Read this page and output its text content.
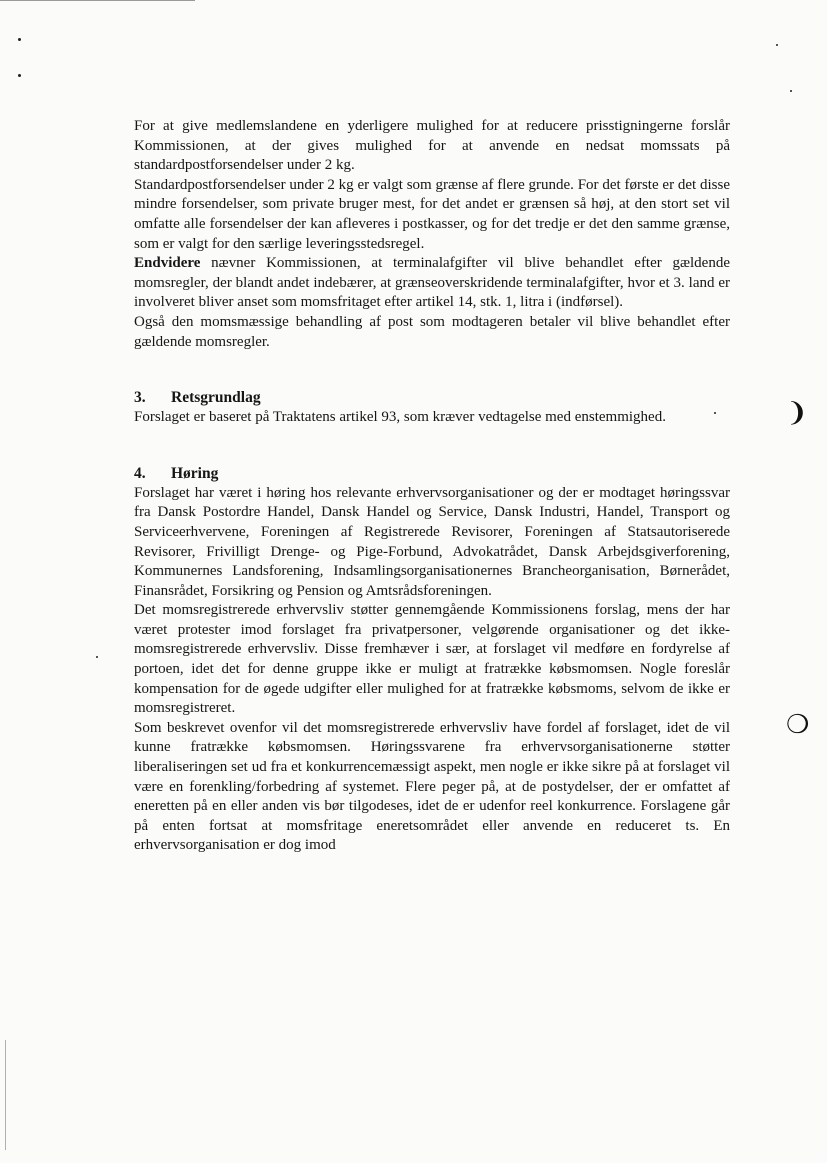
❩
❍

For at give medlemslandene en yderligere mulighed for at reducere prisstigningerne forslår Kommissionen, at der gives mulighed for at anvende en nedsat momssats på standardpostforsendelser under 2 kg.

Standardpostforsendelser under 2 kg er valgt som grænse af flere grunde. For det første er det disse mindre forsendelser, som private bruger mest, for det andet er grænsen så høj, at den stort set vil omfatte alle forsendelser der kan afleveres i postkasser, og for det tredje er det den samme grænse, som er valgt for den særlige leveringsstedsregel.

Endvidere nævner Kommissionen, at terminalafgifter vil blive behandlet efter gældende momsregler, der blandt andet indebærer, at grænseoverskridende terminalafgifter, hvor et 3. land er involveret bliver anset som momsfritaget efter artikel 14, stk. 1, litra i (indførsel).

Også den momsmæssige behandling af post som modtageren betaler vil blive behandlet efter gældende momsregler.

3. Retsgrundlag

Forslaget er baseret på Traktatens artikel 93, som kræver vedtagelse med enstemmighed.

4. Høring

Forslaget har været i høring hos relevante erhvervsorganisationer og der er modtaget høringssvar fra Dansk Postordre Handel, Dansk Handel og Service, Dansk Industri, Handel, Transport og Serviceerhvervene, Foreningen af Registrerede Revisorer, Foreningen af Statsautoriserede Revisorer, Frivilligt Drenge- og Pige-Forbund, Advokatrådet, Dansk Arbejdsgiverforening, Kommunernes Landsforening, Indsamlingsorganisationernes Brancheorganisation, Børnerådet, Finansrådet, Forsikring og Pension og Amtsrådsforeningen.

Det momsregistrerede erhvervsliv støtter gennemgående Kommissionens forslag, mens der har været protester imod forslaget fra privatpersoner, velgørende organisationer og det ikke-momsregistrerede erhvervsliv. Disse fremhæver i sær, at forslaget vil medføre en fordyrelse af portoen, idet det for denne gruppe ikke er muligt at fratrække købsmomsen. Nogle foreslår kompensation for de øgede udgifter eller mulighed for at fratrække købsmoms, selvom de ikke er momsregistreret.

Som beskrevet ovenfor vil det momsregistrerede erhvervsliv have fordel af forslaget, idet de vil kunne fratrække købsmomsen. Høringssvarene fra erhvervsorganisationerne støtter liberaliseringen set ud fra et konkurrencemæssigt aspekt, men nogle er ikke sikre på at forslaget vil være en forenkling/forbedring af systemet. Flere peger på, at de postydelser, der er omfattet af eneretten på en eller anden vis bør tilgodeses, idet de er udenfor reel konkurrence. Forslagene går på enten fortsat at momsfritage eneretsområdet eller anvende en reduceret ts. En erhvervsorganisation er dog imod
